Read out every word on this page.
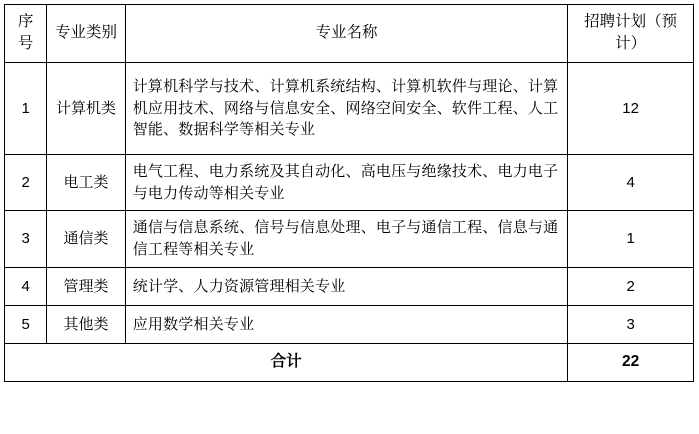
序号	专业类别	专业名称	招聘计划（预计）
1	计算机类	计算机科学与技术、计算机系统结构、计算机软件与理论、计算机应用技术、网络与信息安全、网络空间安全、软件工程、人工智能、数据科学等相关专业	12
2	电工类	电气工程、电力系统及其自动化、高电压与绝缘技术、电力电子与电力传动等相关专业	4
3	通信类	通信与信息系统、信号与信息处理、电子与通信工程、信息与通信工程等相关专业	1
4	管理类	统计学、人力资源管理相关专业	2
5	其他类	应用数学相关专业	3
合计			22
